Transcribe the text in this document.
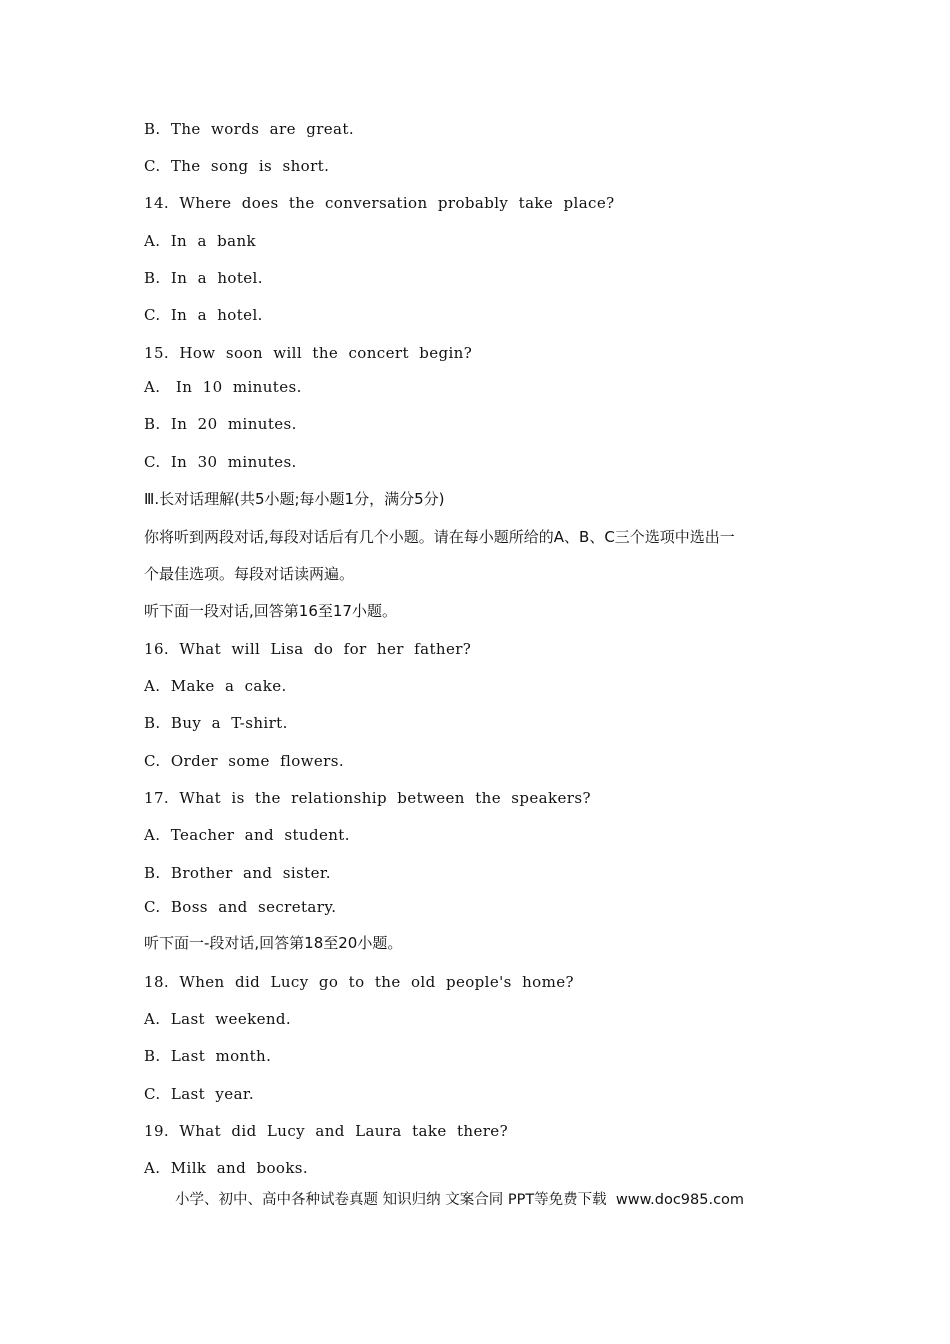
B.  The  words  are  great.
C.  The  song  is  short.
14.  Where  does  the  conversation  probably  take  place?
A.  In  a  bank
B.  In  a  hotel.
C.  In  a  hotel.
15.  How  soon  will  the  concert  begin?
A.   In  10  minutes.
B.  In  20  minutes.
C.  In  30  minutes.
Ⅲ.长对话理解(共5小题;每小题1分，满分5分)
你将听到两段对话,每段对话后有几个小题。请在每小题所给的A、B、C三个选项中选出一
个最佳选项。每段对话读两遍。
听下面一段对话,回答第16至17小题。
16.  What  will  Lisa  do  for  her  father?
A.  Make  a  cake.
B.  Buy  a  T-shirt.
C.  Order  some  flowers.
17.  What  is  the  relationship  between  the  speakers?
A.  Teacher  and  student.
B.  Brother  and  sister.
C.  Boss  and  secretary.
听下面一-段对话,回答第18至20小题。
18.  When  did  Lucy  go  to  the  old  people's  home?
A.  Last  weekend.
B.  Last  month.
C.  Last  year.
19.  What  did  Lucy  and  Laura  take  there?
A.  Milk  and  books.
小学、初中、高中各种试卷真题 知识归纳 文案合同 PPT等免费下载  www.doc985.com
